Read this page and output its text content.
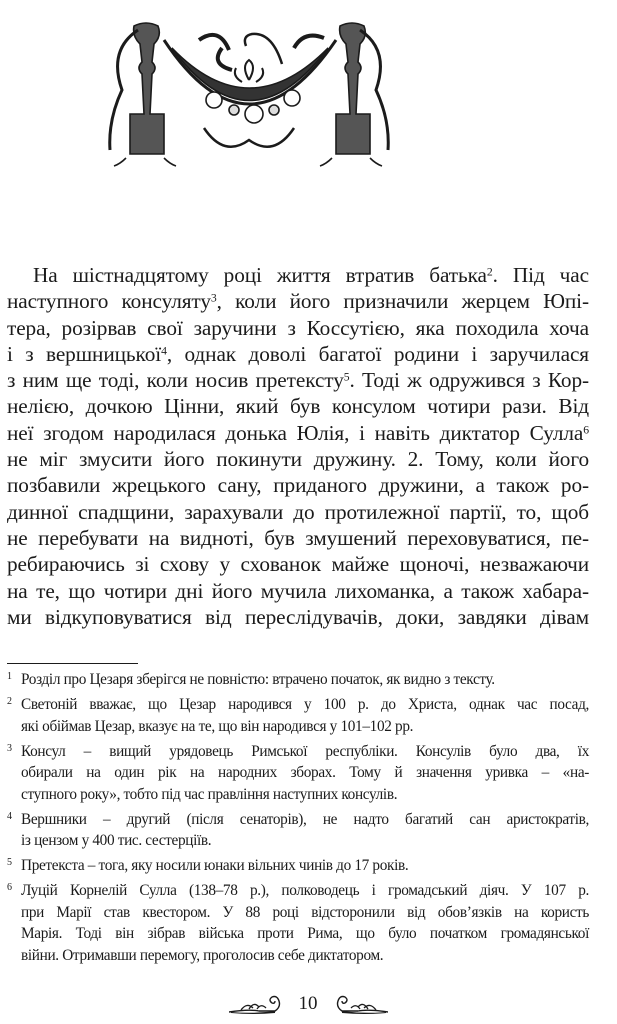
На шістнадцятому році життя втратив батька$^2$. Під час
наступного консуляту$^3$, коли його призначили жерцем Юпі-
тера, розірвав свої заручини з Коссутією, яка походила хоча
і з вершницької$^4$, однак доволі багатої родини і заручилася
з ним ще тоді, коли носив претексту$^5$. Тоді ж одружився з Кор-
нелією, дочкою Цінни, який був консулом чотири рази. Від
неї згодом народилася донька Юлія, і навіть диктатор Сулла$^6$
не міг змусити його покинути дружину. 2. Тому, коли його
позбавили жрецького сану, приданого дружини, а також ро-
динної спадщини, зарахували до протилежної партії, то, щоб
не перебувати на видноті, був змушений переховуватися, пе-
ребираючись зі схову у схованок майже щоночі, незважаючи
на те, що чотири дні його мучила лихоманка, а також хабара-
ми відкуповуватися від переслідувачів, доки, завдяки дівам
1 Розділ про Цезаря зберігся не повністю: втрачено початок, як видно з тексту.
2 Светоній вважає, що Цезар народився у 100 р. до Христа, однак час посад,
які обіймав Цезар, вказує на те, що він народився у 101–102 рр.
3 Консул – вищий урядовець Римської республіки. Консулів було два, їх
обирали на один рік на народних зборах. Тому й значення уривка – «на-
ступного року», тобто під час правління наступних консулів.
4 Вершники – другий (після сенаторів), не надто багатий сан аристократів,
із цензом у 400 тис. сестерціїв.
5 Претекста – тога, яку носили юнаки вільних чинів до 17 років.
6 Луцій Корнелій Сулла (138–78 р.), полководець і громадський діяч. У 107 р.
при Марії став квестором. У 88 році відсторонили від обов’язків на користь
Марія. Тоді він зібрав війська проти Рима, що було початком громадянської
війни. Отримавши перемогу, проголосив себе диктатором.
10
